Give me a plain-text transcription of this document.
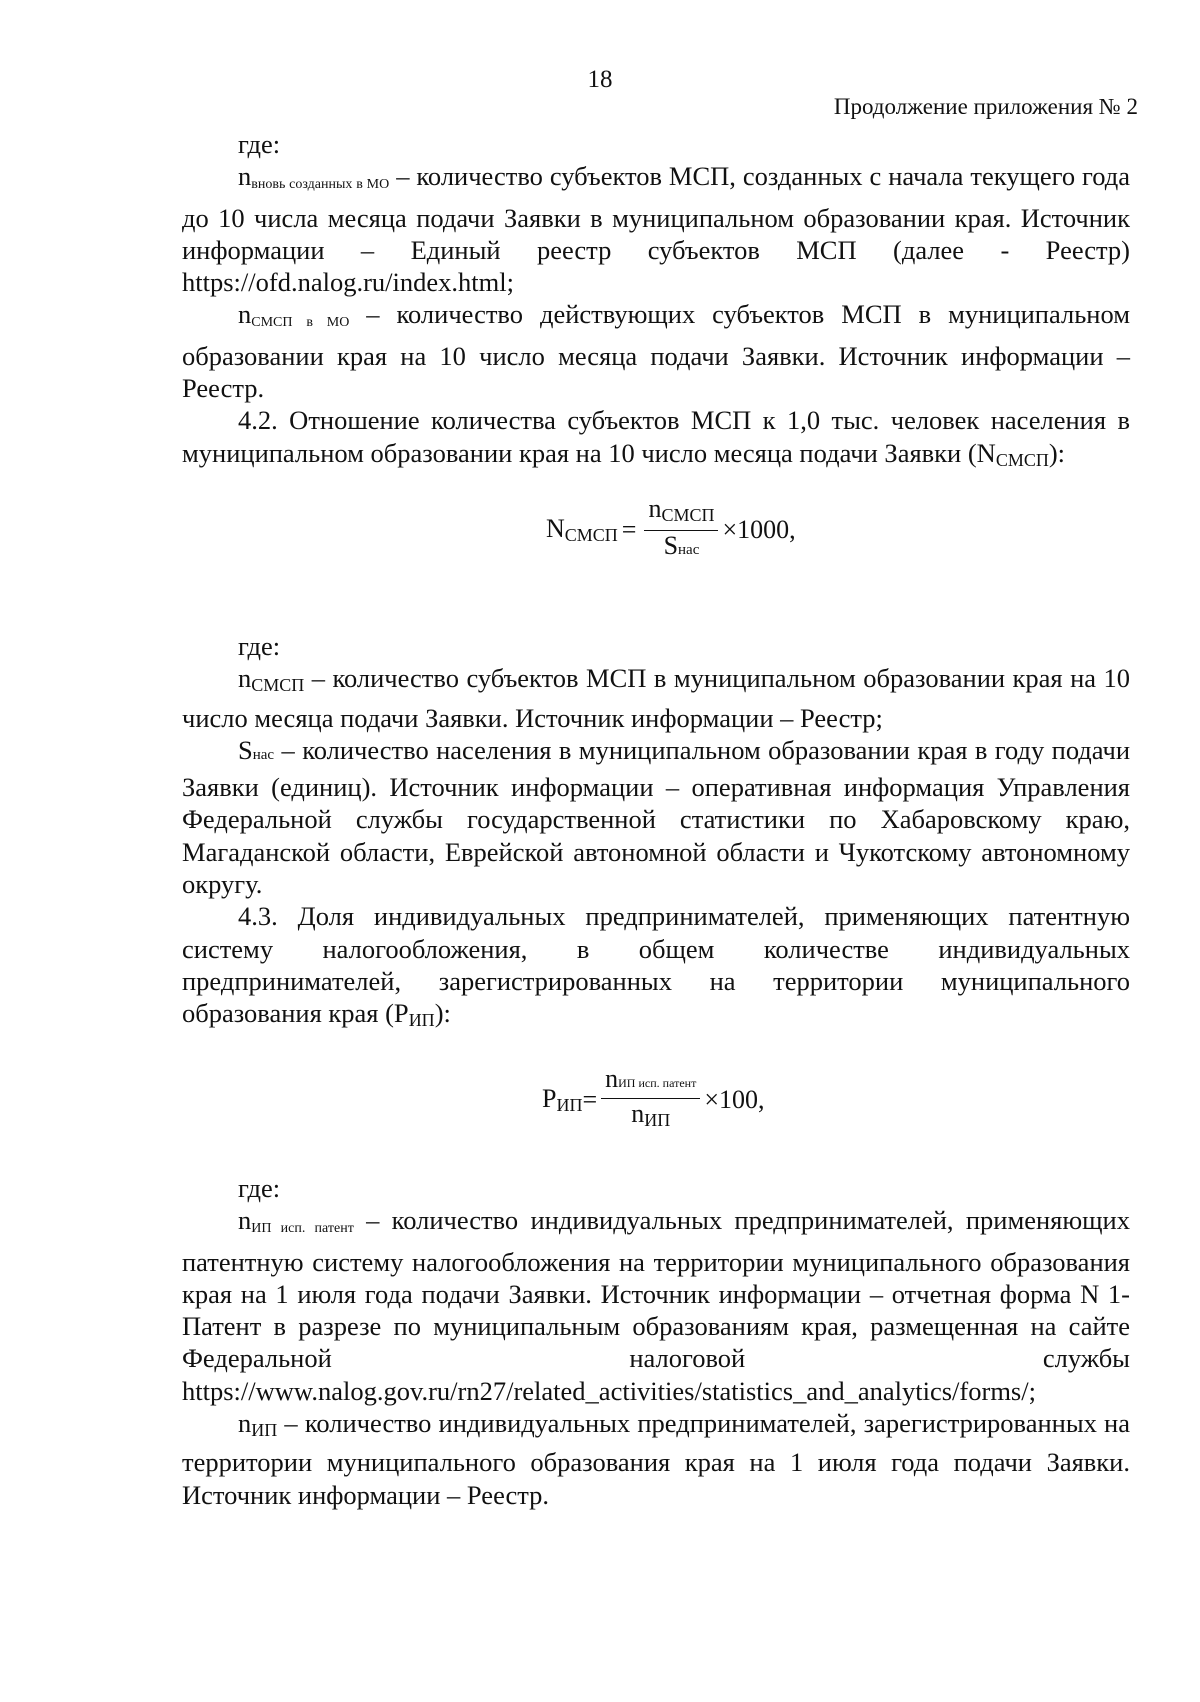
18
Продолжение приложения № 2

где:

$n_{вновь созданных в МО}$ – количество субъектов МСП, созданных с начала текущего года до 10 числа месяца подачи Заявки в муниципальном образовании края. Источник информации – Единый реестр субъектов МСП (далее - Реестр) https://ofd.nalog.ru/index.html;

$n_{СМСП в МО}$ – количество действующих субъектов МСП в муниципальном образовании края на 10 число месяца подачи Заявки. Источник информации – Реестр.

4.2. Отношение количества субъектов МСП к 1,0 тыс. человек населения в муниципальном образовании края на 10 число месяца подачи Заявки (NСМСП):

NСМСП = $\frac{\text{nСМСП}}{\text{Sнас}} \times 1000$,

где:

nСМСП – количество субъектов МСП в муниципальном образовании края на 10 число месяца подачи Заявки. Источник информации – Реестр;

Sнас – количество населения в муниципальном образовании края в году подачи Заявки (единиц). Источник информации – оперативная информация Управления Федеральной службы государственной статистики по Хабаровскому краю, Магаданской области, Еврейской автономной области и Чукотскому автономному округу.

4.3. Доля индивидуальных предпринимателей, применяющих патентную систему налогообложения, в общем количестве индивидуальных предпринимателей, зарегистрированных на территории муниципального образования края (PИП):

PИП = $\frac{\text{nИП исп. патент}}{\text{nИП}} \times 100$,

где:

$n_{ИП исп. патент}$ – количество индивидуальных предпринимателей, применяющих патентную систему налогообложения на территории муниципального образования края на 1 июля года подачи Заявки. Источник информации – отчетная форма N 1-Патент в разрезе по муниципальным образованиям края, размещенная на сайте Федеральной налоговой службы https://www.nalog.gov.ru/rn27/related_activities/statistics_and_analytics/forms/;

nИП – количество индивидуальных предпринимателей, зарегистрированных на территории муниципального образования края на 1 июля года подачи Заявки. Источник информации – Реестр.
